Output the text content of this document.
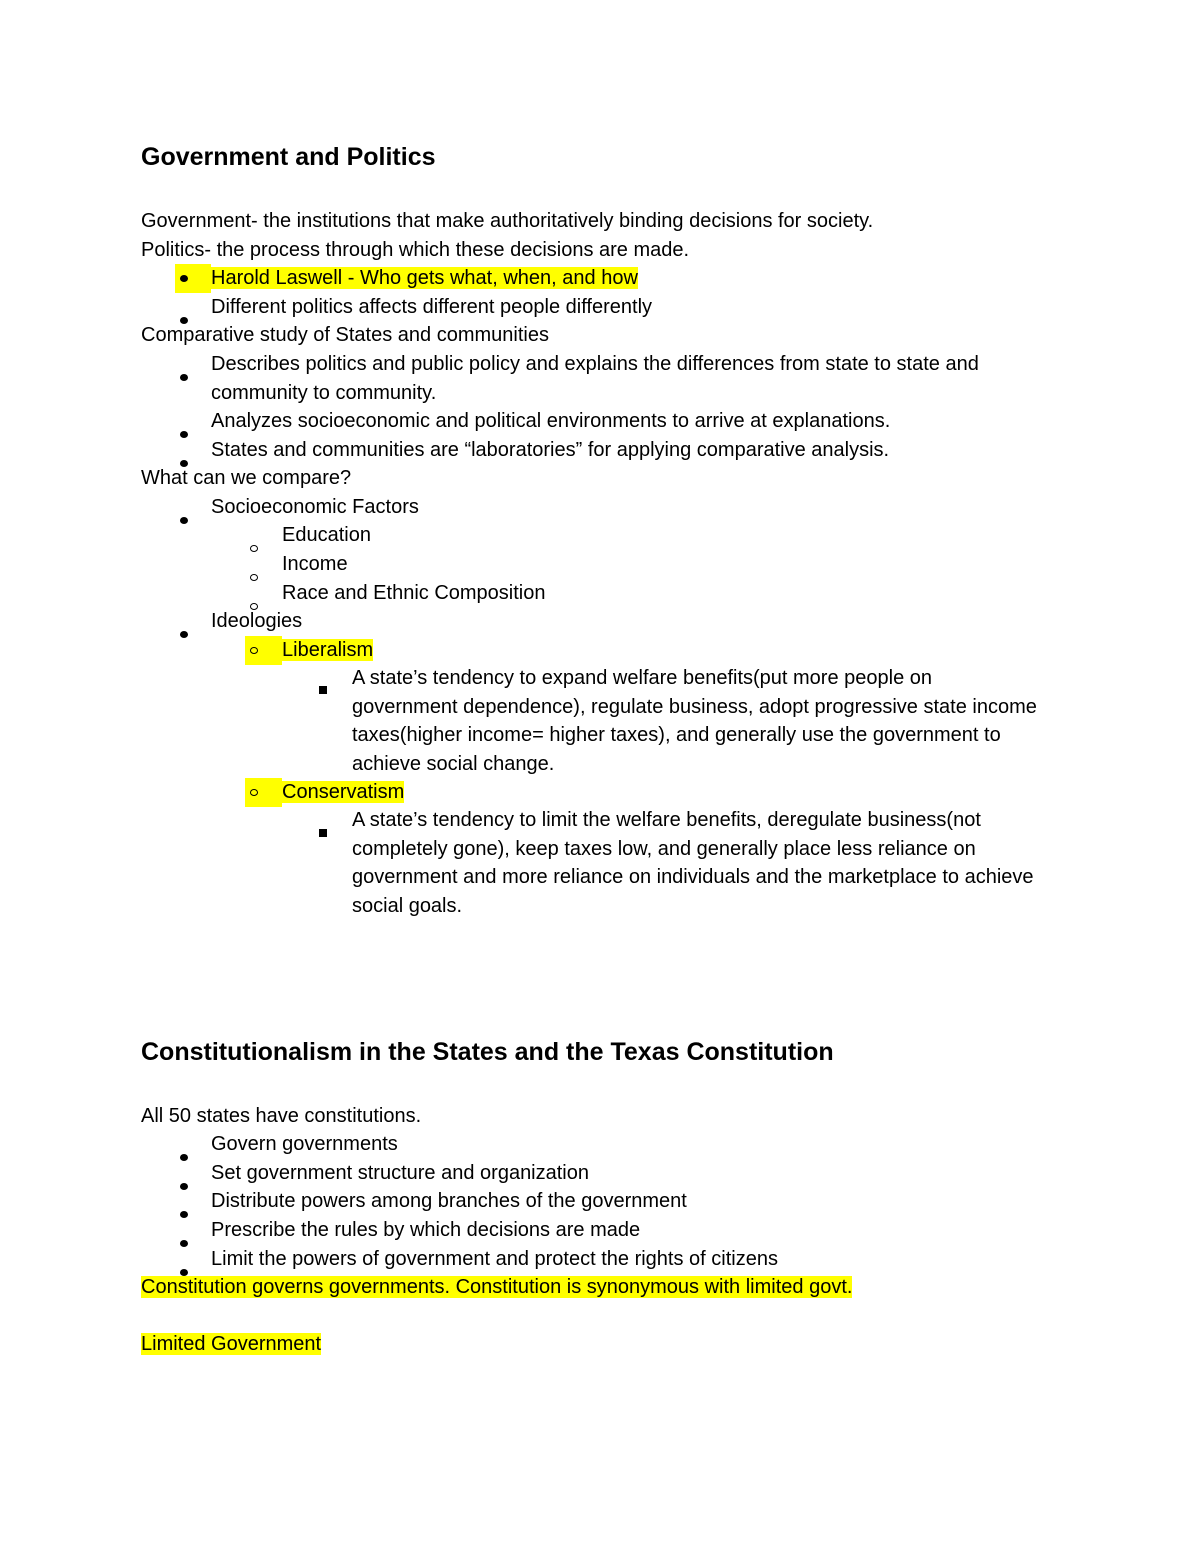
Government and Politics
Government- the institutions that make authoritatively binding decisions for society.
Politics- the process through which these decisions are made.
Harold Laswell - Who gets what, when, and how
Different politics affects different people differently
Comparative study of States and communities
Describes politics and public policy and explains the differences from state to state and community to community.
Analyzes socioeconomic and political environments to arrive at explanations.
States and communities are “laboratories” for applying comparative analysis.
What can we compare?
Socioeconomic Factors
Education
Income
Race and Ethnic Composition
Ideologies
Liberalism
A state’s tendency to expand welfare benefits(put more people on government dependence), regulate business, adopt progressive state income taxes(higher income= higher taxes), and generally use the government to achieve social change.
Conservatism
A state’s tendency to limit the welfare benefits, deregulate business(not completely gone), keep taxes low, and generally place less reliance on government and more reliance on individuals and the marketplace to achieve social goals.
Constitutionalism in the States and the Texas Constitution
All 50 states have constitutions.
Govern governments
Set government structure and organization
Distribute powers among branches of the government
Prescribe the rules by which decisions are made
Limit the powers of government and protect the rights of citizens
Constitution governs governments. Constitution is synonymous with limited govt.
Limited Government
